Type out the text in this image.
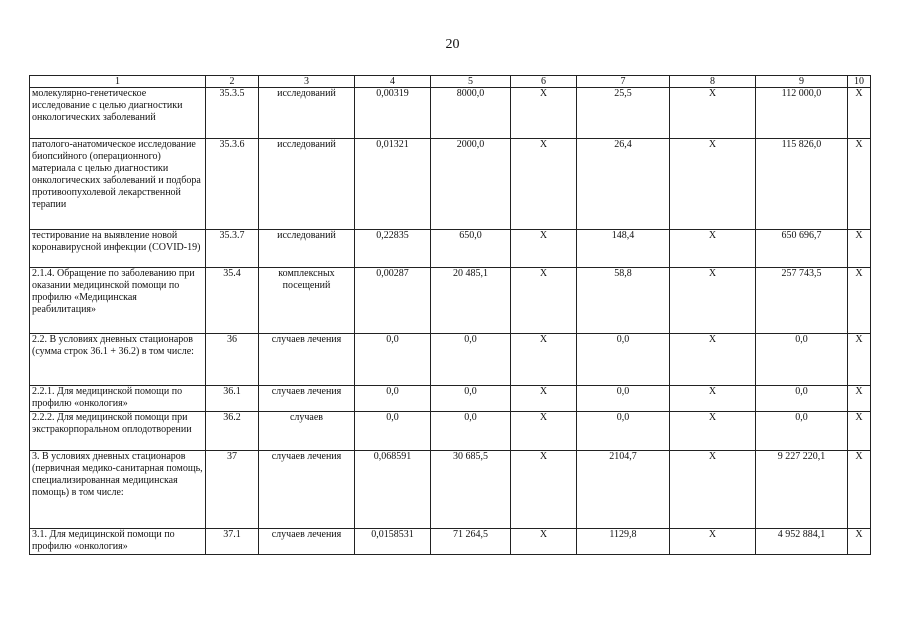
20
1	2	3	4	5	6	7	8	9	10
молекулярно-генетическое исследование с целью диагностики онкологических заболеваний	35.3.5	исследований	0,00319	8000,0	X	25,5	X	112 000,0	X
патолого-анатомическое исследование биопсийного (операционного) материала с целью диагностики онкологических заболеваний и подбора противоопухолевой лекарственной терапии	35.3.6	исследований	0,01321	2000,0	X	26,4	X	115 826,0	X
тестирование на выявление новой коронавирусной инфекции (COVID-19)	35.3.7	исследований	0,22835	650,0	X	148,4	X	650 696,7	X
2.1.4. Обращение по заболеванию при оказании медицинской помощи по профилю «Медицинская реабилитация»	35.4	комплексных посещений	0,00287	20 485,1	X	58,8	X	257 743,5	X
2.2. В условиях дневных стационаров (сумма строк 36.1 + 36.2) в том числе:	36	случаев лечения	0,0	0,0	X	0,0	X	0,0	X
2.2.1. Для медицинской помощи по профилю «онкология»	36.1	случаев лечения	0,0	0,0	X	0,0	X	0,0	X
2.2.2. Для медицинской помощи при экстракорпоральном оплодотворении	36.2	случаев	0,0	0,0	X	0,0	X	0,0	X
3. В условиях дневных стационаров (первичная медико-санитарная помощь, специализированная медицинская помощь) в том числе:	37	случаев лечения	0,068591	30 685,5	X	2104,7	X	9 227 220,1	X
3.1. Для медицинской помощи по профилю «онкология»	37.1	случаев лечения	0,0158531	71 264,5	X	1129,8	X	4 952 884,1	X
